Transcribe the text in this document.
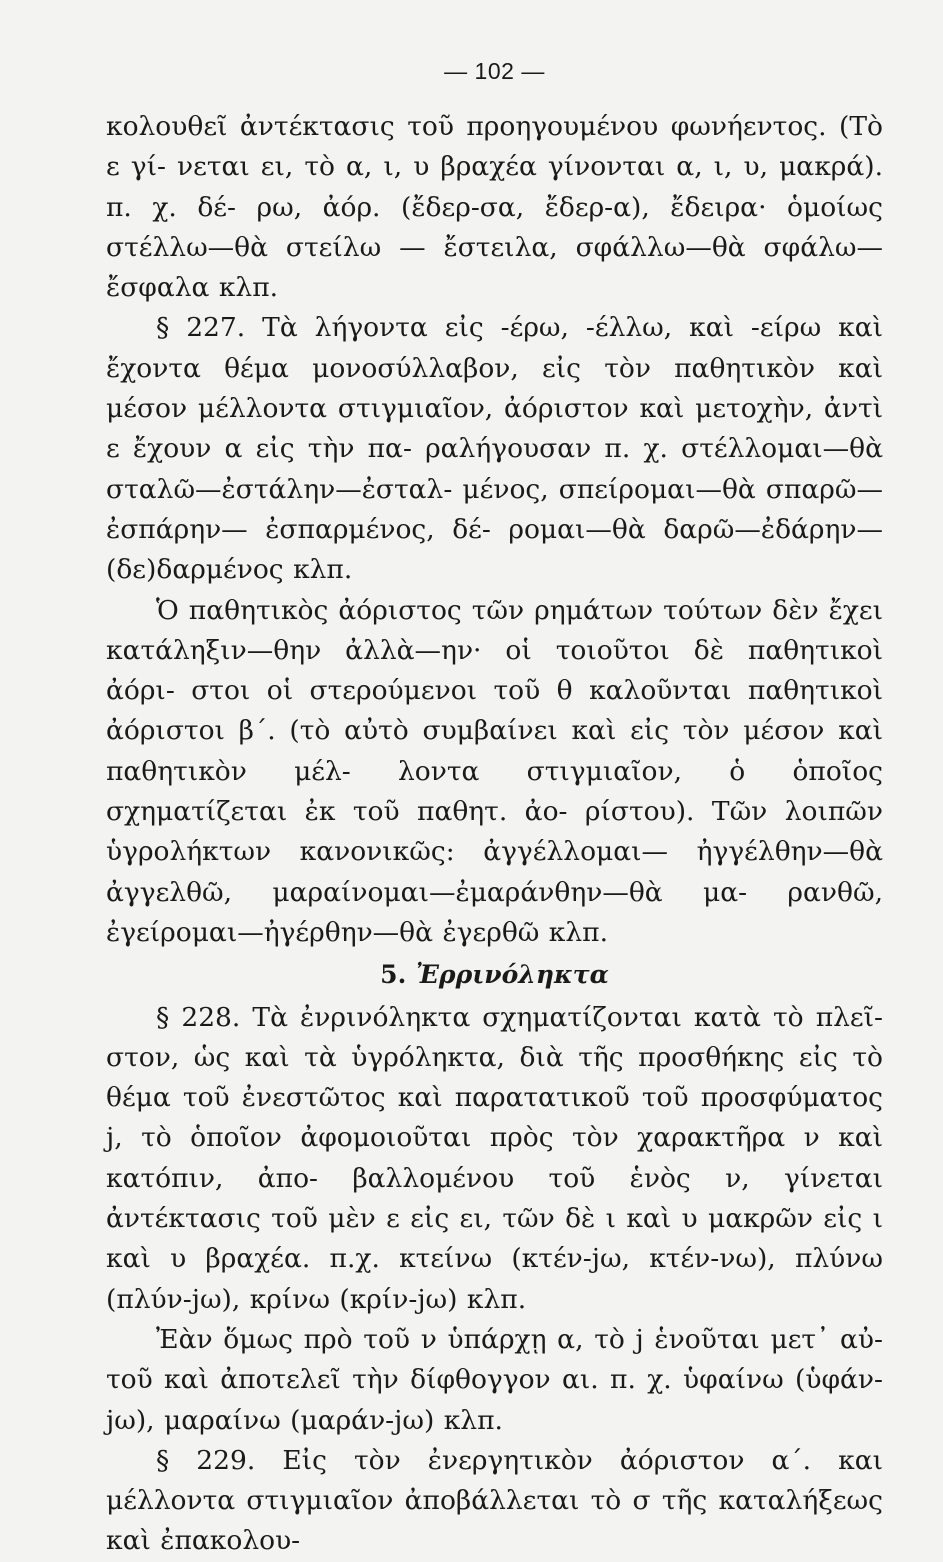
— 102 —

κολουθεῖ ἀντέκτασις τοῦ προηγουμένου φωνήεντος. (Τὸ ε γί- νεται ει, τὸ α, ι, υ βραχέα γίνονται α, ι, υ, μακρά). π. χ. δέ- ρω, ἀόρ. (ἔδερ-σα, ἔδερ-α), ἔδειρα· ὁμοίως στέλλω—θὰ στείλω — ἔστειλα, σφάλλω—θὰ σφάλω—ἔσφαλα κλπ.

§ 227. Τὰ λήγοντα εἰς -έρω, -έλλω, καὶ -είρω καὶ ἔχοντα θέμα μονοσύλλαβον, εἰς τὸν παθητικὸν καὶ μέσον μέλλοντα στιγμιαῖον, ἀόριστον καὶ μετοχὴν, ἀντὶ ε ἔχουν α εἰς τὴν πα- ραλήγουσαν π. χ. στέλλομαι—θὰ σταλῶ—ἐστάλην—ἐσταλ- μένος, σπείρομαι—θὰ σπαρῶ—ἐσπάρην— ἐσπαρμένος, δέ- ρομαι—θὰ δαρῶ—ἐδάρην—(δε)δαρμένος κλπ.

Ὁ παθητικὸς ἀόριστος τῶν ρημάτων τούτων δὲν ἔχει κατάληξιν—θην ἀλλὰ—ην· οἱ τοιοῦτοι δὲ παθητικοὶ ἀόρι- στοι οἱ στερούμενοι τοῦ θ καλοῦνται παθητικοὶ ἀόριστοι β΄. (τὸ αὐτὸ συμβαίνει καὶ εἰς τὸν μέσον καὶ παθητικὸν μέλ- λοντα στιγμιαῖον, ὁ ὁποῖος σχηματίζεται ἐκ τοῦ παθητ. ἀο- ρίστου). Τῶν λοιπῶν ὑγρολήκτων κανονικῶς: ἀγγέλλομαι— ἠγγέλθην—θὰ ἀγγελθῶ, μαραίνομαι—ἐμαράνθην—θὰ μα- ρανθῶ, ἐγείρομαι—ἠγέρθην—θὰ ἐγερθῶ κλπ.

5. Ἐρρινόληκτα

§ 228. Τὰ ἐνρινόληκτα σχηματίζονται κατὰ τὸ πλεῖ- στον, ὡς καὶ τὰ ὑγρόληκτα, διὰ τῆς προσθήκης εἰς τὸ θέμα τοῦ ἐνεστῶτος καὶ παρατατικοῦ τοῦ προσφύματος j, τὸ ὁποῖον ἀφομοιοῦται πρὸς τὸν χαρακτῆρα ν καὶ κατόπιν, ἀπο- βαλλομένου τοῦ ἑνὸς ν, γίνεται ἀντέκτασις τοῦ μὲν ε εἰς ει, τῶν δὲ ι καὶ υ μακρῶν εἰς ι καὶ υ βραχέα. π.χ. κτείνω (κτέν-jω, κτέν-νω), πλύνω (πλύν-jω), κρίνω (κρίν-jω) κλπ.

Ἐὰν ὅμως πρὸ τοῦ ν ὑπάρχῃ α, τὸ j ἑνοῦται μετ᾽ αὐ- τοῦ καὶ ἀποτελεῖ τὴν δίφθογγον αι. π. χ. ὑφαίνω (ὑφάν-jω), μαραίνω (μαράν-jω) κλπ.

§ 229. Εἰς τὸν ἐνεργητικὸν ἀόριστον α΄. και μέλλοντα στιγμιαῖον ἀποβάλλεται τὸ σ τῆς καταλήξεως καὶ ἐπακολου-
